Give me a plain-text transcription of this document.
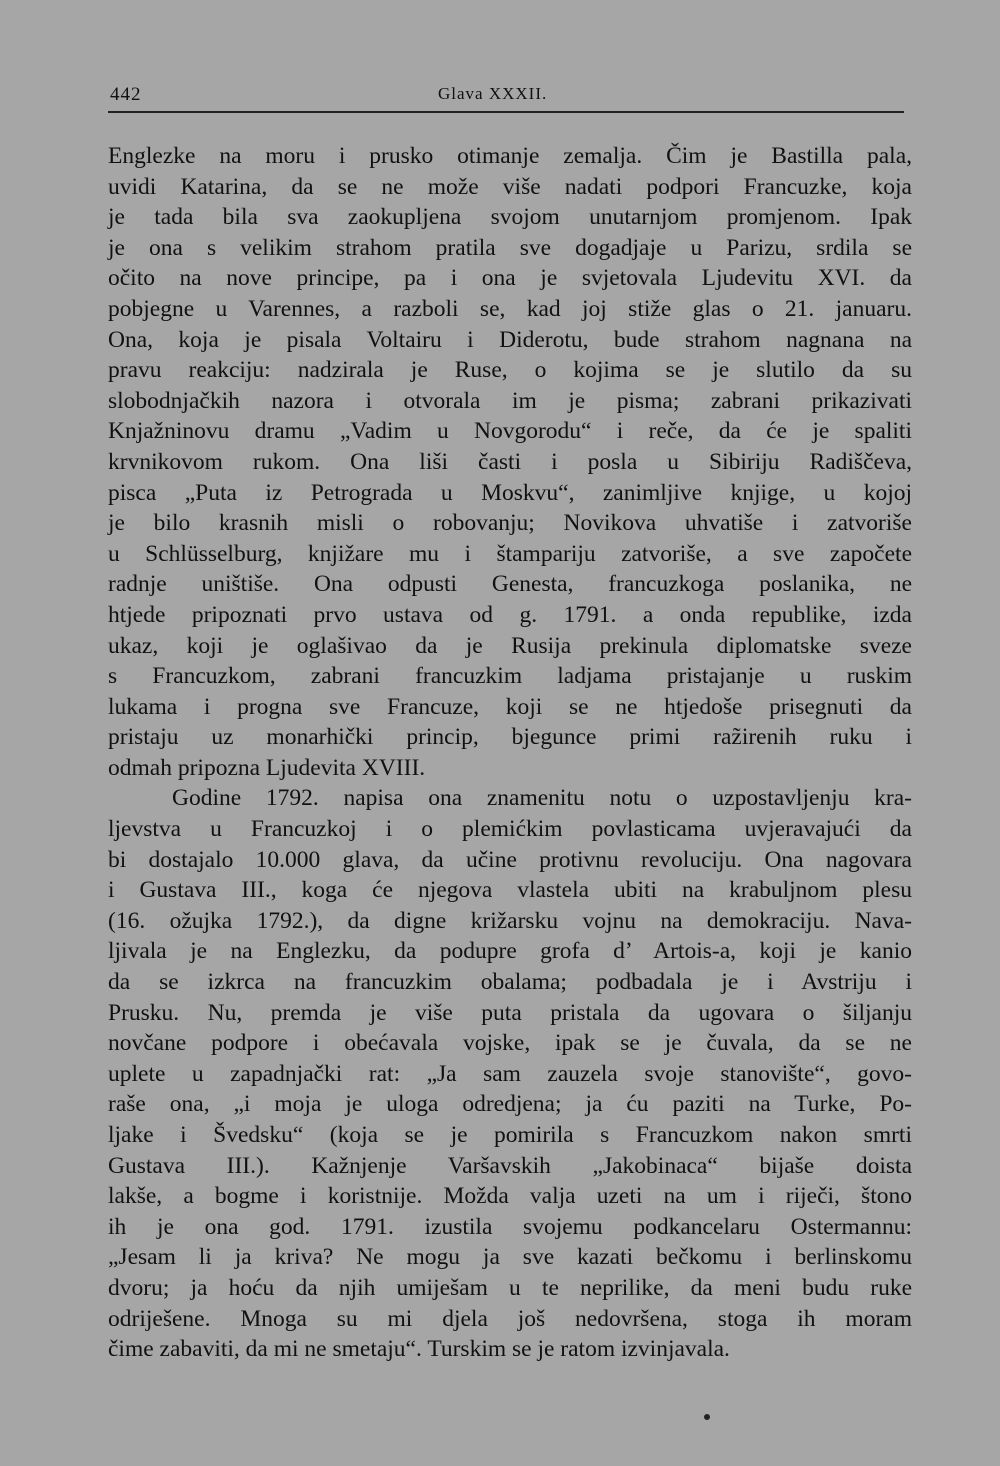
442	Glava XXXII.
Englezke na moru i prusko otimanje zemalja. Čim je Bastilla pala,
uvidi Katarina, da se ne može više nadati podpori Francuzke, koja
je tada bila sva zaokupljena svojom unutarnjom promjenom. Ipak
je ona s velikim strahom pratila sve dogadjaje u Parizu, srdila se
očito na nove principe, pa i ona je svjetovala Ljudevitu XVI. da
pobjegne u Varennes, a razboli se, kad joj stiže glas o 21. januaru.
Ona, koja je pisala Voltairu i Diderotu, bude strahom nagnana na
pravu reakciju: nadzirala je Ruse, o kojima se je slutilo da su
slobodnjačkih nazora i otvorala im je pisma; zabrani prikazivati
Knjažninovu dramu „Vadim u Novgorodu“ i reče, da će je spaliti
krvnikovom rukom. Ona liši časti i posla u Sibiriju Radiščeva,
pisca „Puta iz Petrograda u Moskvu“, zanimljive knjige, u kojoj
je bilo krasnih misli o robovanju; Novikova uhvatiše i zatvoriše
u Schlüsselburg, knjižare mu i štampariju zatvoriše, a sve započete
radnje uništiše. Ona odpusti Genesta, francuzkoga poslanika, ne
htjede pripoznati prvo ustava od g. 1791. a onda republike, izda
ukaz, koji je oglašivao da je Rusija prekinula diplomatske sveze
s Francuzkom, zabrani francuzkim ladjama pristajanje u ruskim
lukama i progna sve Francuze, koji se ne htjedoše prisegnuti da
pristaju uz monarhički princip, bjegunce primi raz̃irenih ruku i
odmah pripozna Ljudevita XVIII.
Godine 1792. napisa ona znamenitu notu o uzpostavljenju kra-
ljevstva u Francuzkoj i o plemićkim povlasticama uvjeravajući da
bi dostajalo 10.000 glava, da učine protivnu revoluciju. Ona nagovara
i Gustava III., koga će njegova vlastela ubiti na krabuljnom plesu
(16. ožujka 1792.), da digne križarsku vojnu na demokraciju. Nava-
ljivala je na Englezku, da podupre grofa d’ Artois-a, koji je kanio
da se izkrca na francuzkim obalama; podbadala je i Avstriju i
Prusku. Nu, premda je više puta pristala da ugovara o šiljanju
novčane podpore i obećavala vojske, ipak se je čuvala, da se ne
uplete u zapadnjački rat: „Ja sam zauzela svoje stanovište“, govo-
raše ona, „i moja je uloga odredjena; ja ću paziti na Turke, Po-
ljake i Švedsku“ (koja se je pomirila s Francuzkom nakon smrti
Gustava III.). Kažnjenje Varšavskih „Jakobinaca“ bijaše doista
lakše, a bogme i koristnije. Možda valja uzeti na um i riječi, štono
ih je ona god. 1791. izustila svojemu podkancelaru Ostermannu:
„Jesam li ja kriva? Ne mogu ja sve kazati bečkomu i berlinskomu
dvoru; ja hoću da njih umiješam u te neprilike, da meni budu ruke
odriješene. Mnoga su mi djela još nedovršena, stoga ih moram
čime zabaviti, da mi ne smetaju“. Turskim se je ratom izvinjavala.
